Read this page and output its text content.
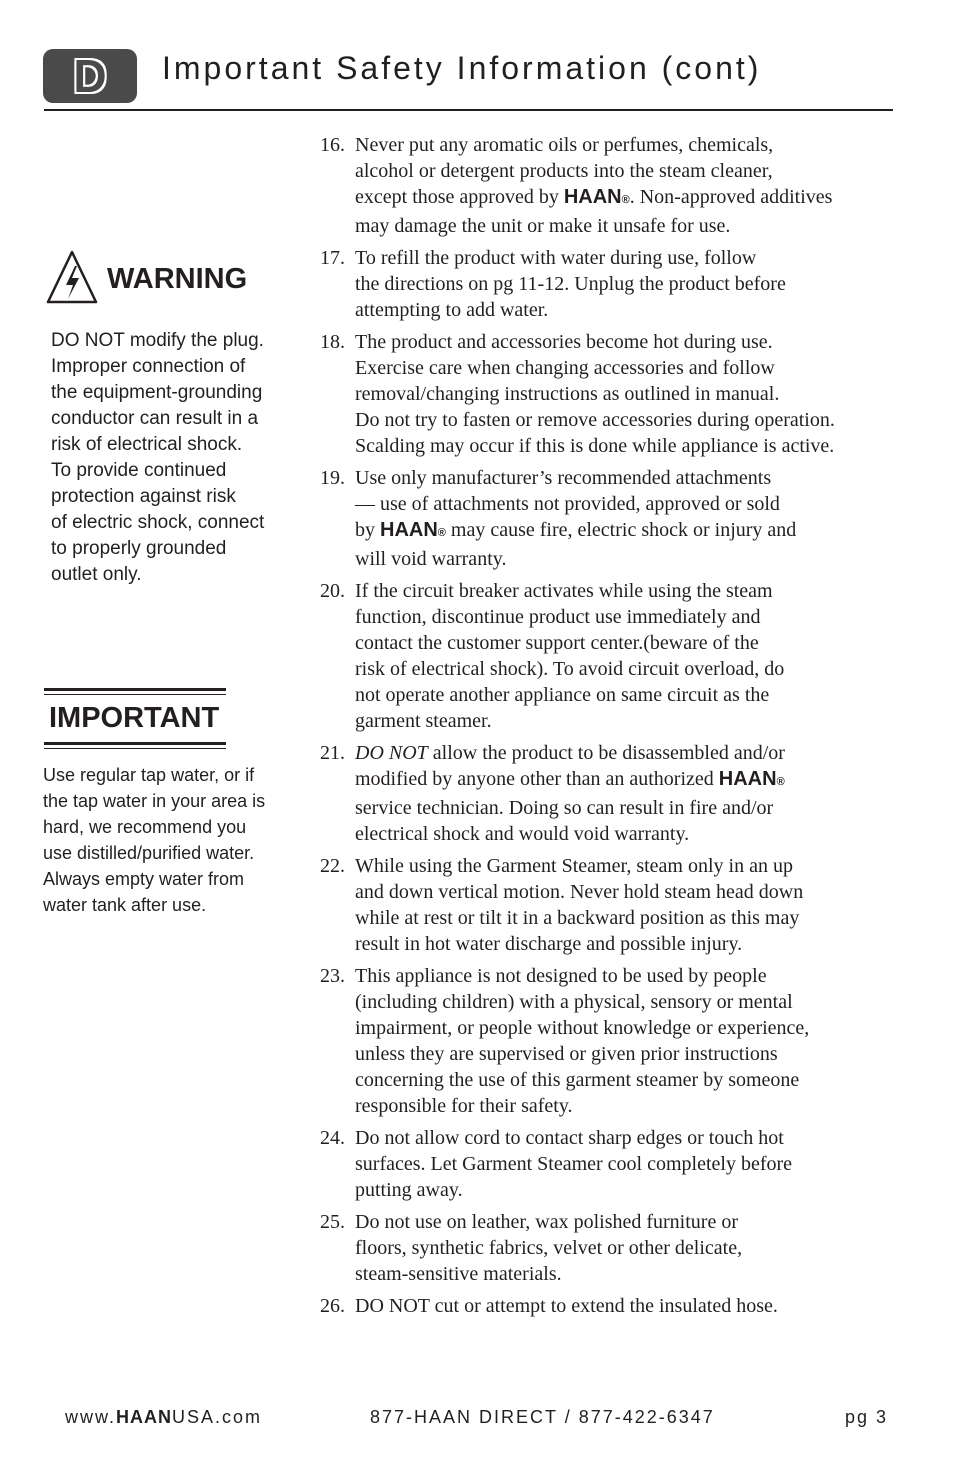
D	Important Safety Information (cont)
WARNING
DO NOT modify the plug.
Improper connection of
the equipment-grounding
conductor can result in a
risk of electrical shock.
To provide continued
protection against risk
of electric shock, connect
to properly grounded
outlet only.
IMPORTANT
Use regular tap water, or if
the tap water in your area is
hard, we recommend you
use distilled/purified water.
Always empty water from
water tank after use.
16. Never put any aromatic oils or perfumes, chemicals,
alcohol or detergent products into the steam cleaner,
except those approved by HAAN®. Non-approved additives
may damage the unit or make it unsafe for use.
17. To refill the product with water during use, follow
the directions on pg 11-12. Unplug the product before
attempting to add water.
18. The product and accessories become hot during use.
Exercise care when changing accessories and follow
removal/changing instructions as outlined in manual.
Do not try to fasten or remove accessories during operation.
Scalding may occur if this is done while appliance is active.
19. Use only manufacturer’s recommended attachments
— use of attachments not provided, approved or sold
by HAAN® may cause fire, electric shock or injury and
will void warranty.
20. If the circuit breaker activates while using the steam
function, discontinue product use immediately and
contact the customer support center.(beware of the
risk of electrical shock). To avoid circuit overload, do
not operate another appliance on same circuit as the
garment steamer.
21. DO NOT allow the product to be disassembled and/or
modified by anyone other than an authorized HAAN®
service technician. Doing so can result in fire and/or
electrical shock and would void warranty.
22. While using the Garment Steamer, steam only in an up
and down vertical motion. Never hold steam head down
while at rest or tilt it in a backward position as this may
result in hot water discharge and possible injury.
23. This appliance is not designed to be used by people
(including children) with a physical, sensory or mental
impairment, or people without knowledge or experience,
unless they are supervised or given prior instructions
concerning the use of this garment steamer by someone
responsible for their safety.
24. Do not allow cord to contact sharp edges or touch hot
surfaces. Let Garment Steamer cool completely before
putting away.
25. Do not use on leather, wax polished furniture or
floors, synthetic fabrics, velvet or other delicate,
steam-sensitive materials.
26. DO NOT cut or attempt to extend the insulated hose.
www.HAANUSA.com	877-HAAN DIRECT / 877-422-6347	pg 3
